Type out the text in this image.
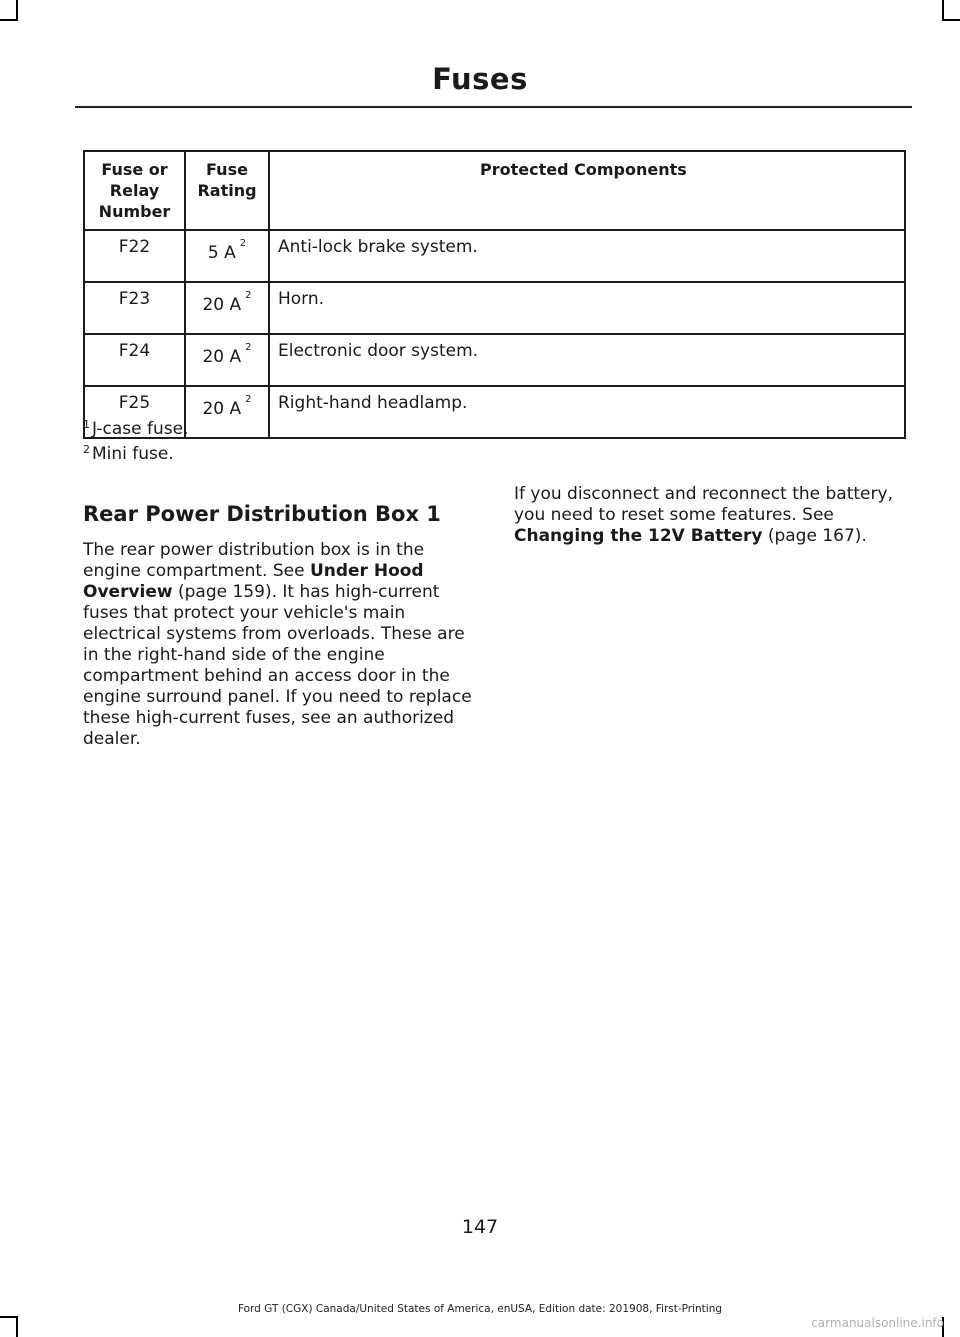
Fuses
Fuse or Relay Number	Fuse Rating	Protected Components
F22	5 A $^2$	Anti-lock brake system.
F23	20 A $^2$	Horn.
F24	20 A $^2$	Electronic door system.
F25	20 A $^2$	Right-hand headlamp.
$^1$ J-case fuse.
$^2$ Mini fuse.
Rear Power Distribution Box 1

The rear power distribution box is in the engine compartment. See Under Hood Overview (page 159). It has high-current fuses that protect your vehicle's main electrical systems from overloads. These are in the right-hand side of the engine compartment behind an access door in the engine surround panel. If you need to replace these high-current fuses, see an authorized dealer.

If you disconnect and reconnect the battery, you need to reset some features. See Changing the 12V Battery (page 167).

147
Ford GT (CGX) Canada/United States of America, enUSA, Edition date: 201908, First-Printing
carmanualsonline.info
